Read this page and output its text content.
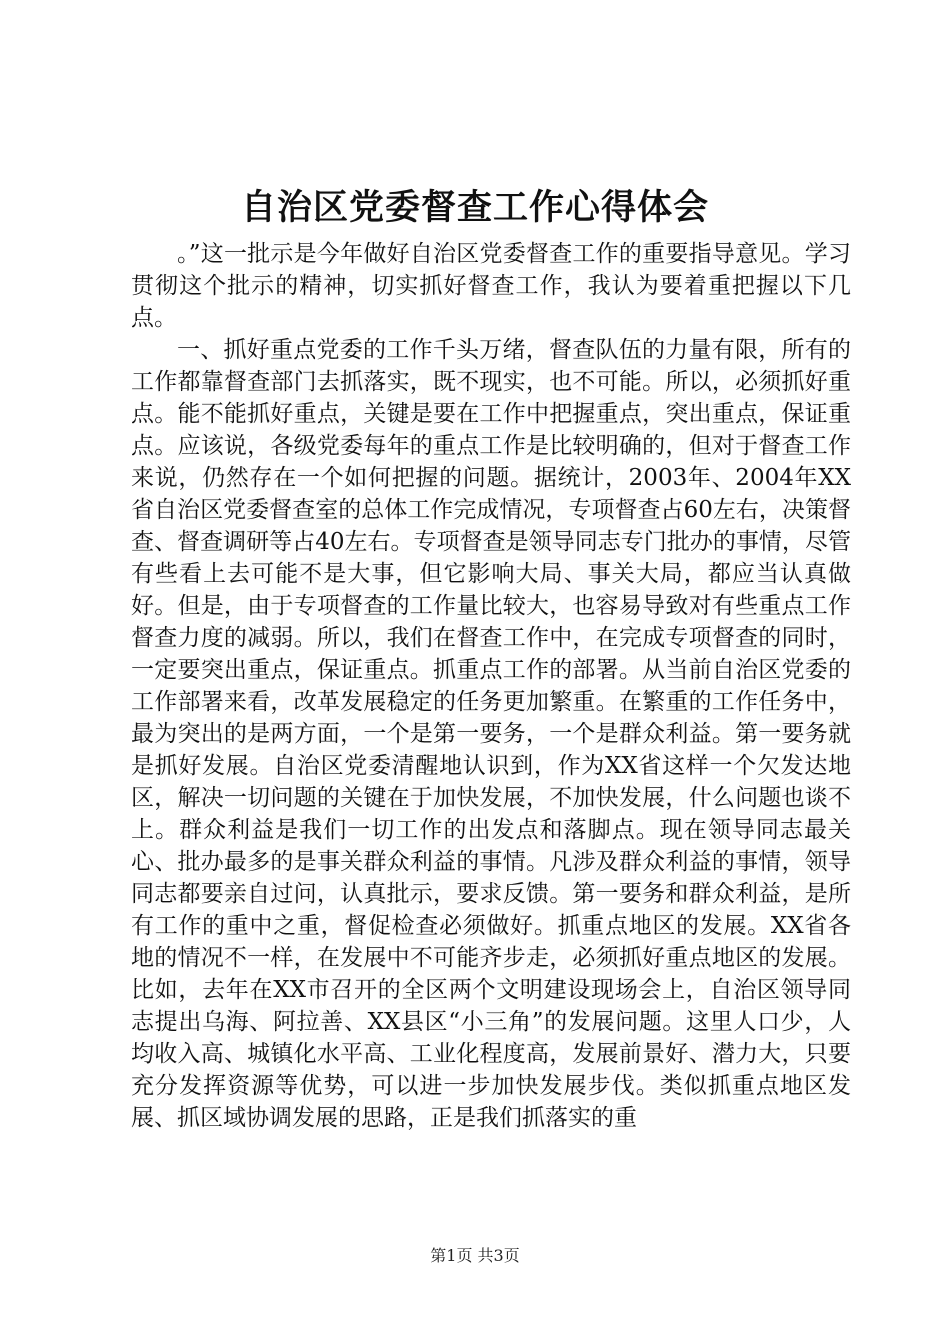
自治区党委督查工作心得体会

。”这一批示是今年做好自治区党委督查工作的重要指导意见。学习贯彻这个批示的精神，切实抓好督查工作，我认为要着重把握以下几点。

一、抓好重点党委的工作千头万绪，督查队伍的力量有限，所有的工作都靠督查部门去抓落实，既不现实，也不可能。所以，必须抓好重点。能不能抓好重点，关键是要在工作中把握重点，突出重点，保证重点。应该说，各级党委每年的重点工作是比较明确的，但对于督查工作来说，仍然存在一个如何把握的问题。据统计，2003年、2004年XX省自治区党委督查室的总体工作完成情况，专项督查占60左右，决策督查、督查调研等占40左右。专项督查是领导同志专门批办的事情，尽管有些看上去可能不是大事，但它影响大局、事关大局，都应当认真做好。但是，由于专项督查的工作量比较大，也容易导致对有些重点工作督查力度的减弱。所以，我们在督查工作中，在完成专项督查的同时，一定要突出重点，保证重点。抓重点工作的部署。从当前自治区党委的工作部署来看，改革发展稳定的任务更加繁重。在繁重的工作任务中，最为突出的是两方面，一个是第一要务，一个是群众利益。第一要务就是抓好发展。自治区党委清醒地认识到，作为XX省这样一个欠发达地区，解决一切问题的关键在于加快发展，不加快发展，什么问题也谈不上。群众利益是我们一切工作的出发点和落脚点。现在领导同志最关心、批办最多的是事关群众利益的事情。凡涉及群众利益的事情，领导同志都要亲自过问，认真批示，要求反馈。第一要务和群众利益，是所有工作的重中之重，督促检查必须做好。抓重点地区的发展。XX省各地的情况不一样，在发展中不可能齐步走，必须抓好重点地区的发展。比如，去年在XX市召开的全区两个文明建设现场会上，自治区领导同志提出乌海、阿拉善、XX县区“小三角”的发展问题。这里人口少，人均收入高、城镇化水平高、工业化程度高，发展前景好、潜力大，只要充分发挥资源等优势，可以进一步加快发展步伐。类似抓重点地区发展、抓区域协调发展的思路，正是我们抓落实的重

第1页 共3页
